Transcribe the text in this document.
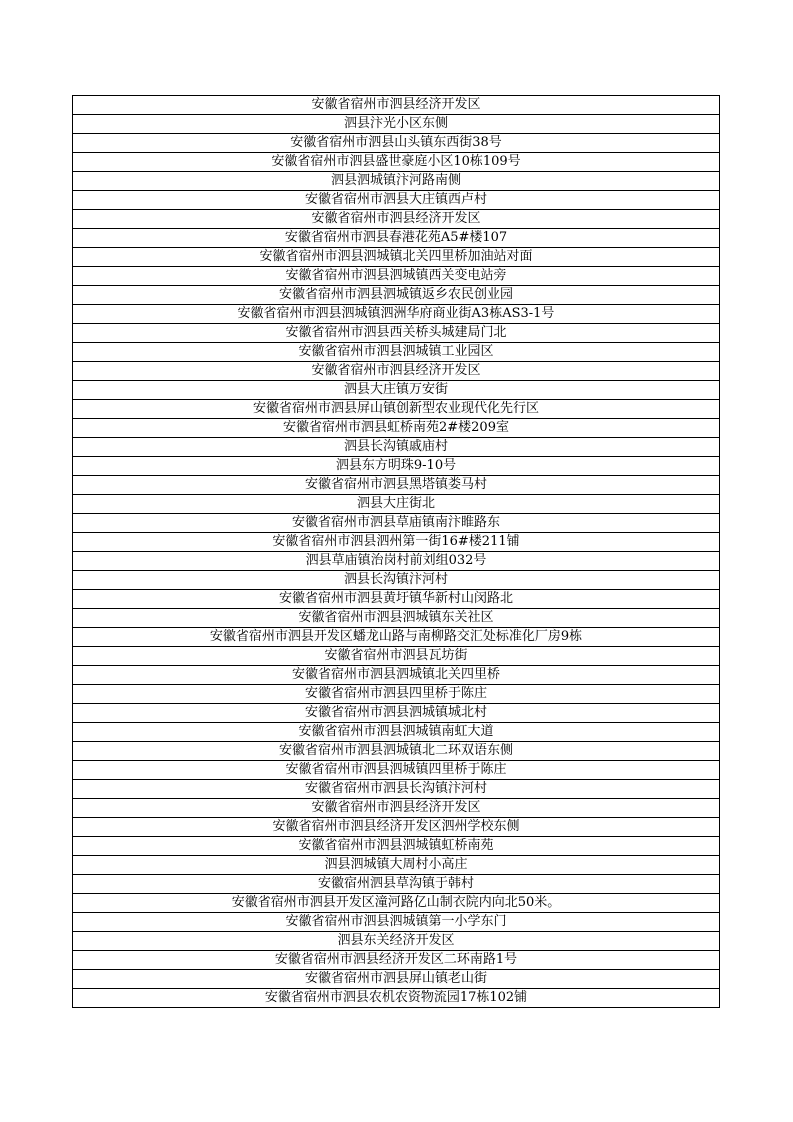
安徽省宿州市泗县经济开发区
泗县汴光小区东侧
安徽省宿州市泗县山头镇东西街38号
安徽省宿州市泗县盛世豪庭小区10栋109号
泗县泗城镇汴河路南侧
安徽省宿州市泗县大庄镇西卢村
安徽省宿州市泗县经济开发区
安徽省宿州市泗县春港花苑A5#楼107
安徽省宿州市泗县泗城镇北关四里桥加油站对面
安徽省宿州市泗县泗城镇西关变电站旁
安徽省宿州市泗县泗城镇返乡农民创业园
安徽省宿州市泗县泗城镇泗洲华府商业街A3栋AS3-1号
安徽省宿州市泗县西关桥头城建局门北
安徽省宿州市泗县泗城镇工业园区
安徽省宿州市泗县经济开发区
泗县大庄镇万安街
安徽省宿州市泗县屏山镇创新型农业现代化先行区
安徽省宿州市泗县虹桥南苑2#楼209室
泗县长沟镇戚庙村
泗县东方明珠9-10号
安徽省宿州市泗县黑塔镇娄马村
泗县大庄街北
安徽省宿州市泗县草庙镇南汴睢路东
安徽省宿州市泗县泗州第一街16#楼211铺
泗县草庙镇治岗村前刘组032号
泗县长沟镇汴河村
安徽省宿州市泗县黄圩镇华新村山闵路北
安徽省宿州市泗县泗城镇东关社区
安徽省宿州市泗县开发区蟠龙山路与南柳路交汇处标准化厂房9栋
安徽省宿州市泗县瓦坊街
安徽省宿州市泗县泗城镇北关四里桥
安徽省宿州市泗县四里桥于陈庄
安徽省宿州市泗县泗城镇城北村
安徽省宿州市泗县泗城镇南虹大道
安徽省宿州市泗县泗城镇北二环双语东侧
安徽省宿州市泗县泗城镇四里桥于陈庄
安徽省宿州市泗县长沟镇汴河村
安徽省宿州市泗县经济开发区
安徽省宿州市泗县经济开发区泗州学校东侧
安徽省宿州市泗县泗城镇虹桥南苑
泗县泗城镇大周村小高庄
安徽宿州泗县草沟镇于韩村
安徽省宿州市泗县开发区潼河路亿山制衣院内向北50米。
安徽省宿州市泗县泗城镇第一小学东门
泗县东关经济开发区
安徽省宿州市泗县经济开发区二环南路1号
安徽省宿州市泗县屏山镇老山街
安徽省宿州市泗县农机农资物流园17栋102铺
